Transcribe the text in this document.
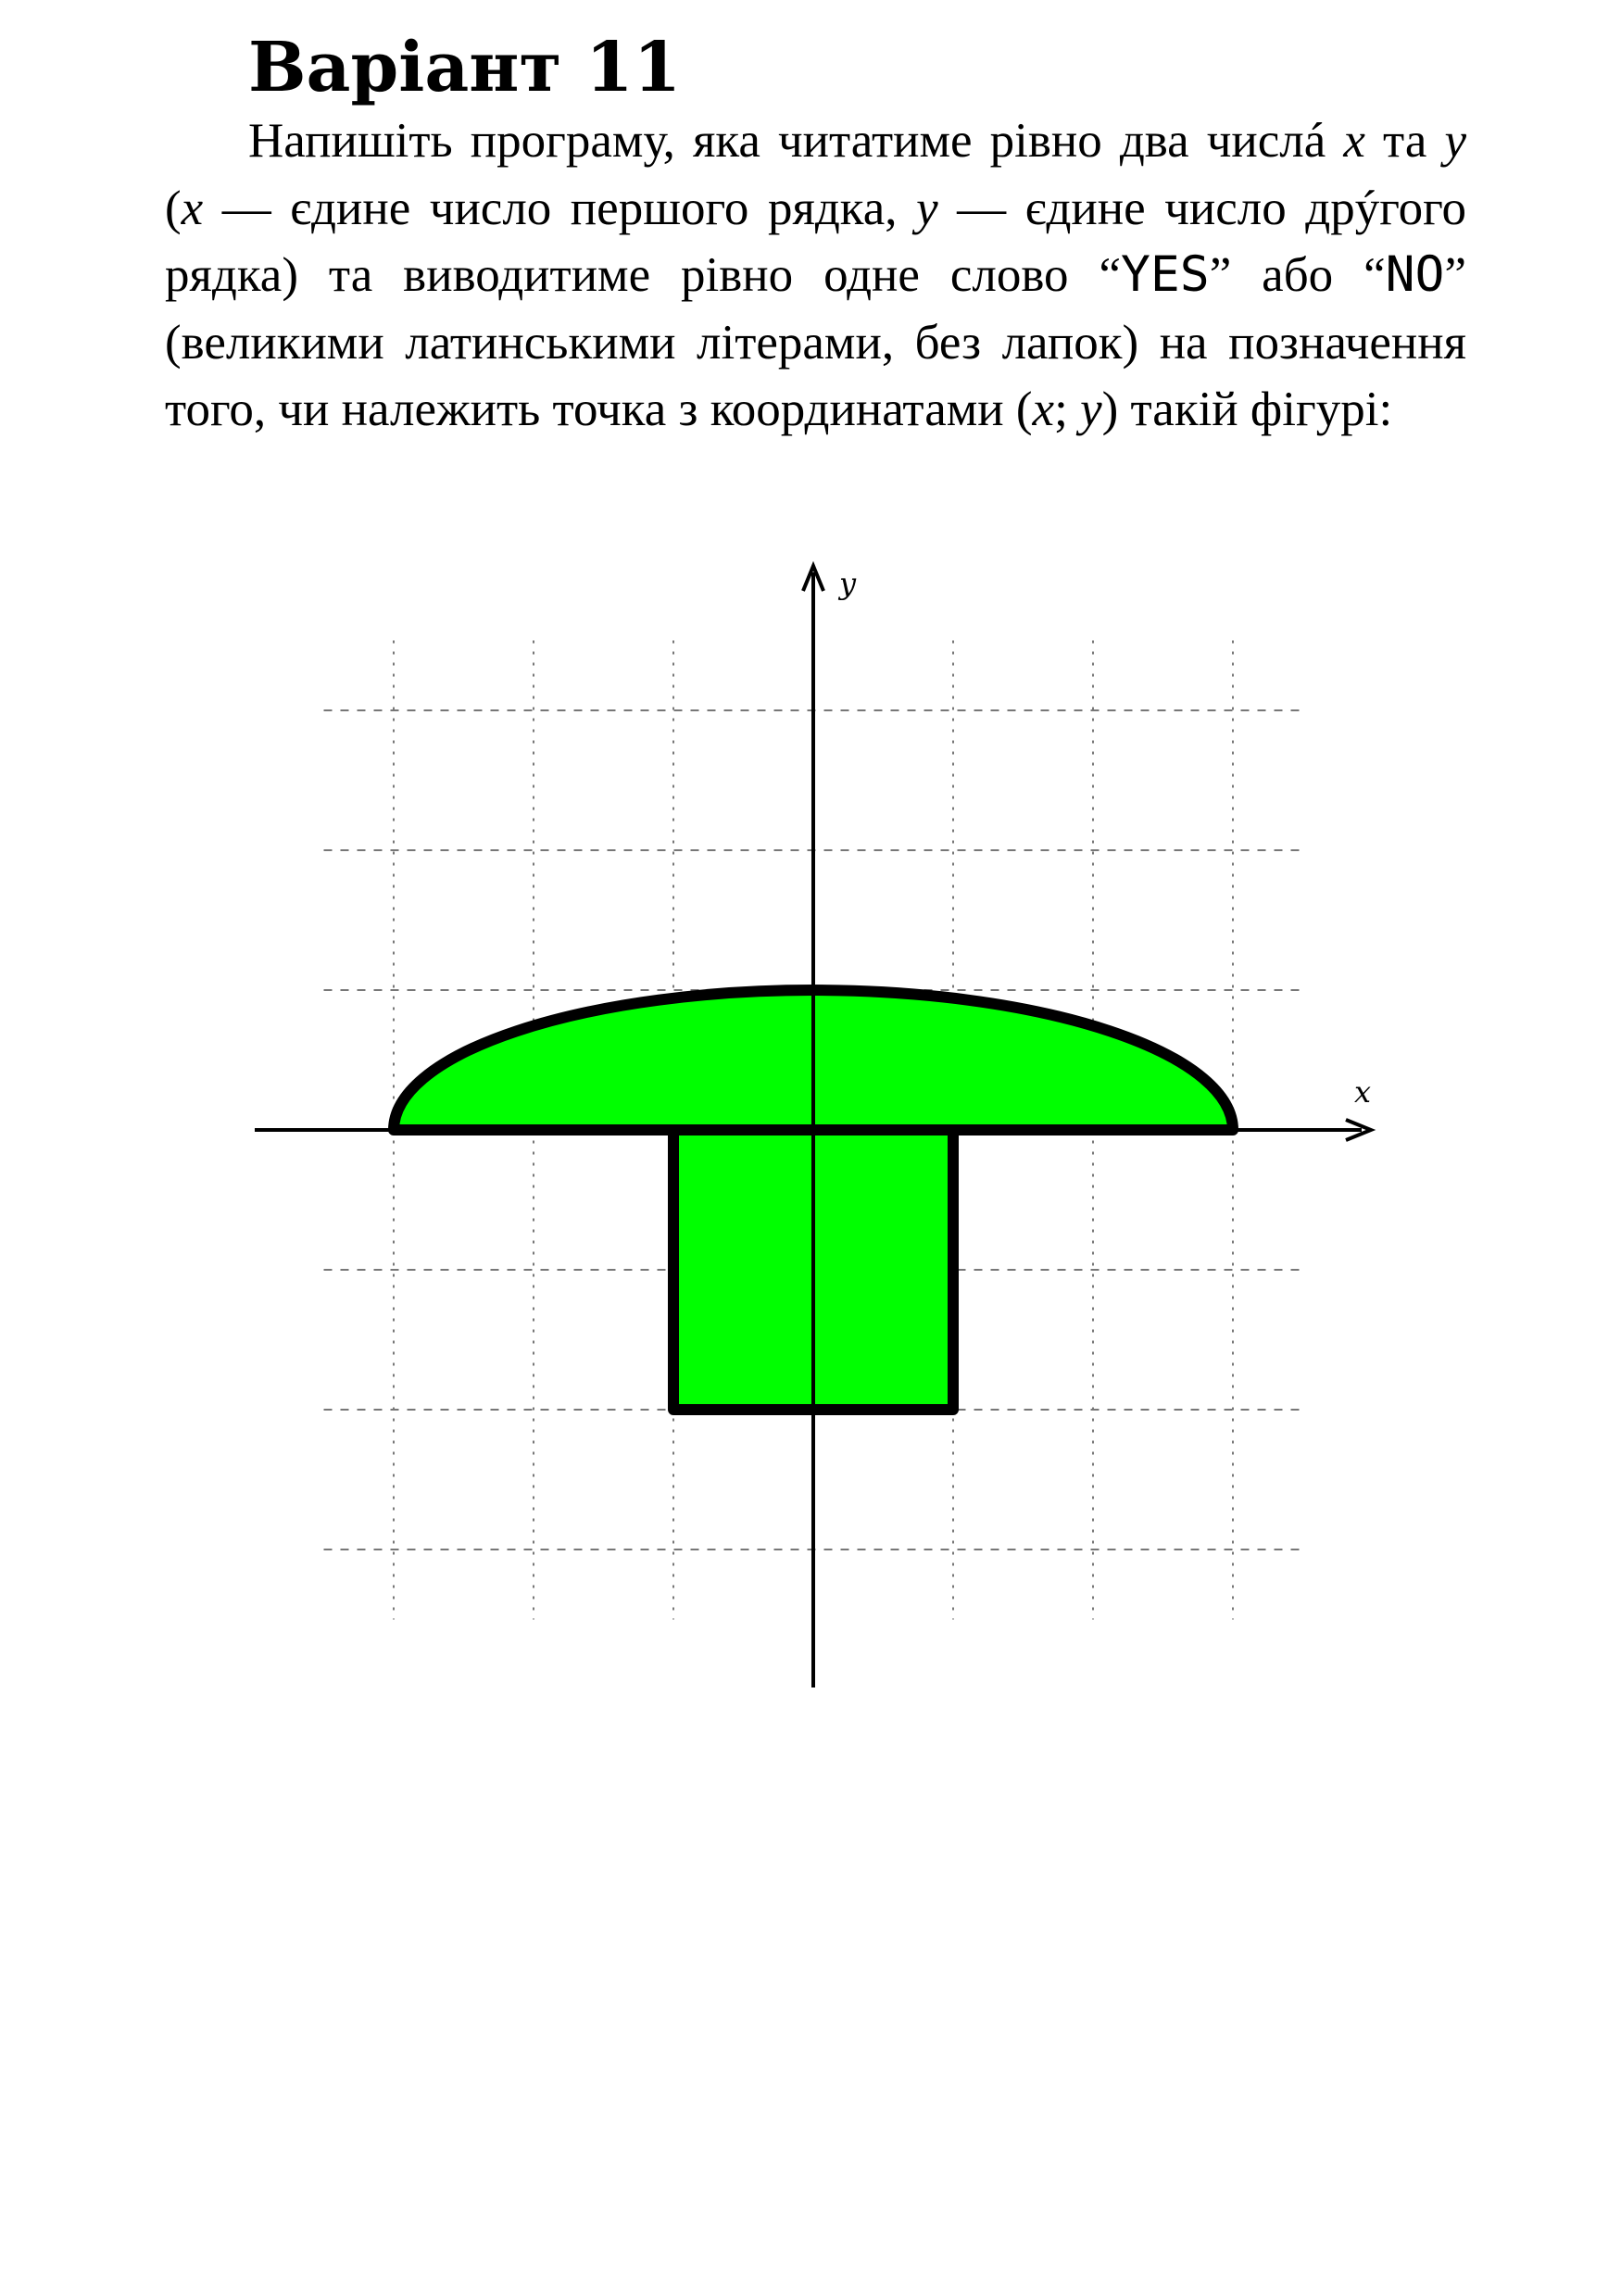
Варіант 11

Напишіть програму, яка читатиме рівно два числá x та y (x — єдине число першого рядка, y — єдине число дрýгого рядка) та виводитиме рівно одне слово “YES” або “NO” (великими латинськими літерами, без лапок) на позначення того, чи належить точка з координатами (x; y) такій фігурі:

x
y
